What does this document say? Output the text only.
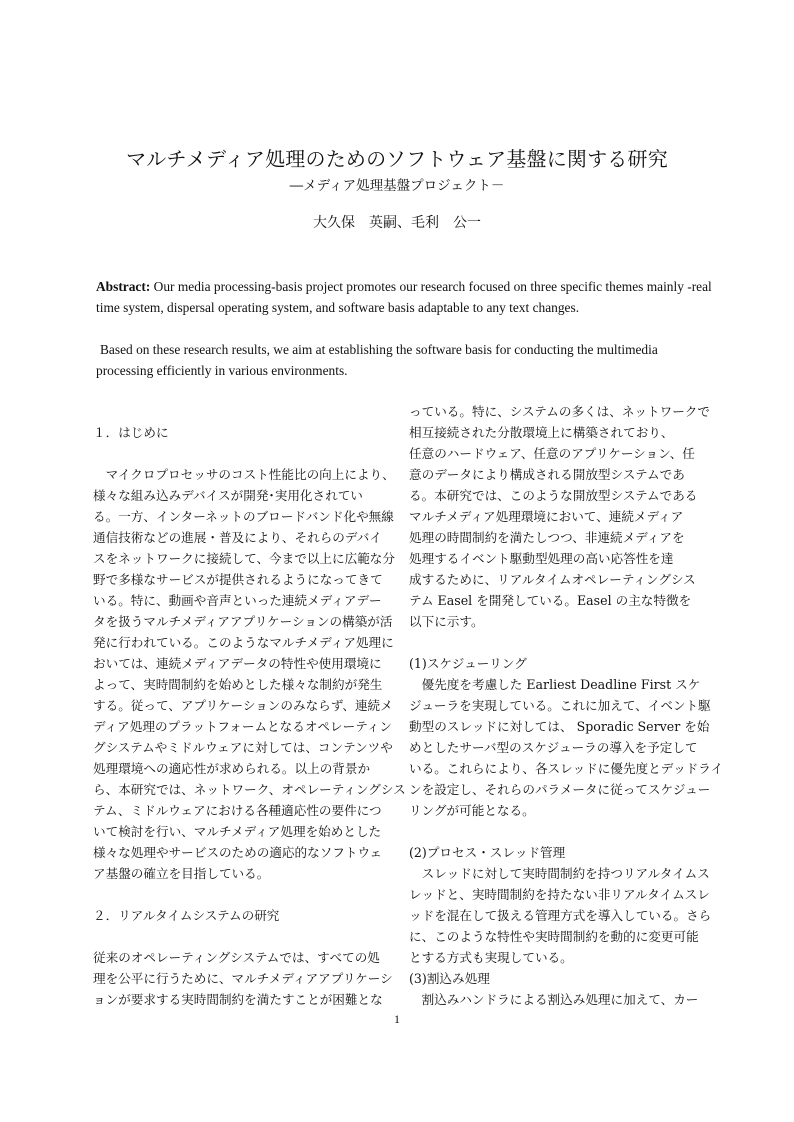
マルチメディア処理のためのソフトウェア基盤に関する研究
―メディア処理基盤プロジェクト－
大久保　英嗣、毛利　公一

Abstract: Our media processing-basis project promotes our research focused on three specific themes mainly -real time system, dispersal operating system, and software basis adaptable to any text changes.

Based on these research results, we aim at establishing the software basis for conducting the multimedia processing efficiently in various environments.

１．はじめに
　マイクロプロセッサのコスト性能比の向上により、
様々な組み込みデバイスが開発･実用化されてい
る。一方、インターネットのブロードバンド化や無線
通信技術などの進展・普及により、それらのデバイ
スをネットワークに接続して、今まで以上に広範な分
野で多様なサービスが提供されるようになってきて
いる。特に、動画や音声といった連続メディアデー
タを扱うマルチメディアアプリケーションの構築が活
発に行われている。このようなマルチメディア処理に
おいては、連続メディアデータの特性や使用環境に
よって、実時間制約を始めとした様々な制約が発生
する。従って、アプリケーションのみならず、連続メ
ディア処理のプラットフォームとなるオペレーティン
グシステムやミドルウェアに対しては、コンテンツや
処理環境への適応性が求められる。以上の背景か
ら、本研究では、ネットワーク、オペレーティングシス
テム、ミドルウェアにおける各種適応性の要件につ
いて検討を行い、マルチメディア処理を始めとした
様々な処理やサービスのための適応的なソフトウェ
ア基盤の確立を目指している。
２．リアルタイムシステムの研究
従来のオペレーティングシステムでは、すべての処
理を公平に行うために、マルチメディアアプリケーシ
ョンが要求する実時間制約を満たすことが困難とな
っている。特に、システムの多くは、ネットワークで
相互接続された分散環境上に構築されており、
任意のハードウェア、任意のアプリケーション、任
意のデータにより構成される開放型システムであ
る。本研究では、このような開放型システムである
マルチメディア処理環境において、連続メディア
処理の時間制約を満たしつつ、非連続メディアを
処理するイベント駆動型処理の高い応答性を達
成するために、リアルタイムオペレーティングシス
テム Easel を開発している。Easel の主な特徴を
以下に示す。
(1)スケジューリング
　優先度を考慮した Earliest Deadline First スケ
ジューラを実現している。これに加えて、イベント駆
動型のスレッドに対しては、 Sporadic Server を始
めとしたサーバ型のスケジューラの導入を予定して
いる。これらにより、各スレッドに優先度とデッドライ
ンを設定し、それらのパラメータに従ってスケジュー
リングが可能となる。
(2)プロセス・スレッド管理
　スレッドに対して実時間制約を持つリアルタイムス
レッドと、実時間制約を持たない非リアルタイムスレ
ッドを混在して扱える管理方式を導入している。さら
に、このような特性や実時間制約を動的に変更可能
とする方式も実現している。
(3)割込み処理
　割込みハンドラによる割込み処理に加えて、カー
1
